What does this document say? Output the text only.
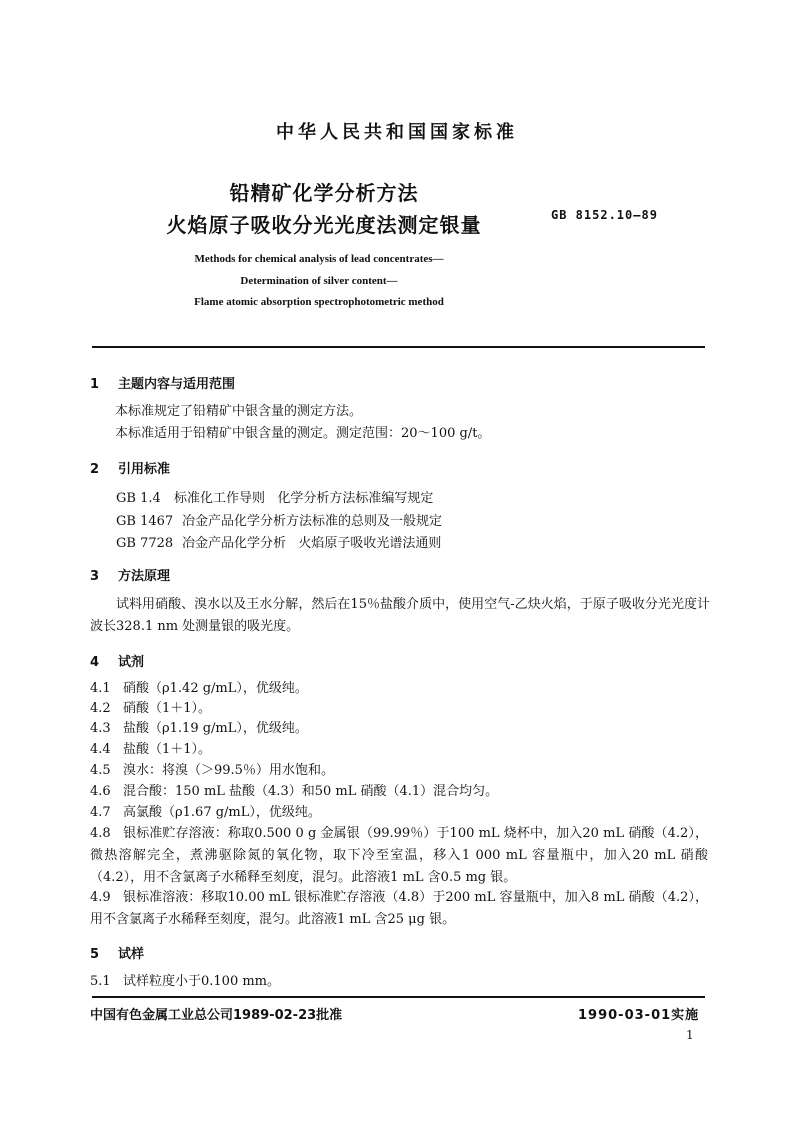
中华人民共和国国家标准
铅精矿化学分析方法
火焰原子吸收分光光度法测定银量	GB 8152.10—89
Methods for chemical analysis of lead concentrates—
Determination of silver content—
Flame atomic absorption spectrophotometric method
1 主题内容与适用范围
本标准规定了铅精矿中银含量的测定方法。
本标准适用于铅精矿中银含量的测定。测定范围：20～100 g/t。
2 引用标准
GB 1.4 标准化工作导则   化学分析方法标准编写规定
GB 1467 冶金产品化学分析方法标准的总则及一般规定
GB 7728 冶金产品化学分析   火焰原子吸收光谱法通则
3 方法原理
试料用硝酸、溴水以及王水分解，然后在15％盐酸介质中，使用空气-乙炔火焰，于原子吸收分光光度计波长328.1 nm 处测量银的吸光度。
4 试剂
4.1 硝酸（ρ1.42 g/mL），优级纯。
4.2 硝酸（1＋1）。
4.3 盐酸（ρ1.19 g/mL），优级纯。
4.4 盐酸（1＋1）。
4.5 溴水：将溴（＞99.5％）用水饱和。
4.6 混合酸：150 mL 盐酸（4.3）和50 mL 硝酸（4.1）混合均匀。
4.7 高氯酸（ρ1.67 g/mL），优级纯。
4.8 银标准贮存溶液：称取0.500 0 g 金属银（99.99％）于100 mL 烧杯中，加入20 mL 硝酸（4.2），微热溶解完全，煮沸驱除氮的氧化物，取下冷至室温，移入1 000 mL 容量瓶中，加入20 mL 硝酸（4.2），用不含氯离子水稀释至刻度，混匀。此溶液1 mL 含0.5 mg 银。
4.9 银标准溶液：移取10.00 mL 银标准贮存溶液（4.8）于200 mL 容量瓶中，加入8 mL 硝酸（4.2），用不含氯离子水稀释至刻度，混匀。此溶液1 mL 含25 μg 银。
5 试样
5.1 试样粒度小于0.100 mm。
中国有色金属工业总公司1989-02-23批准	1990-03-01实施
1
